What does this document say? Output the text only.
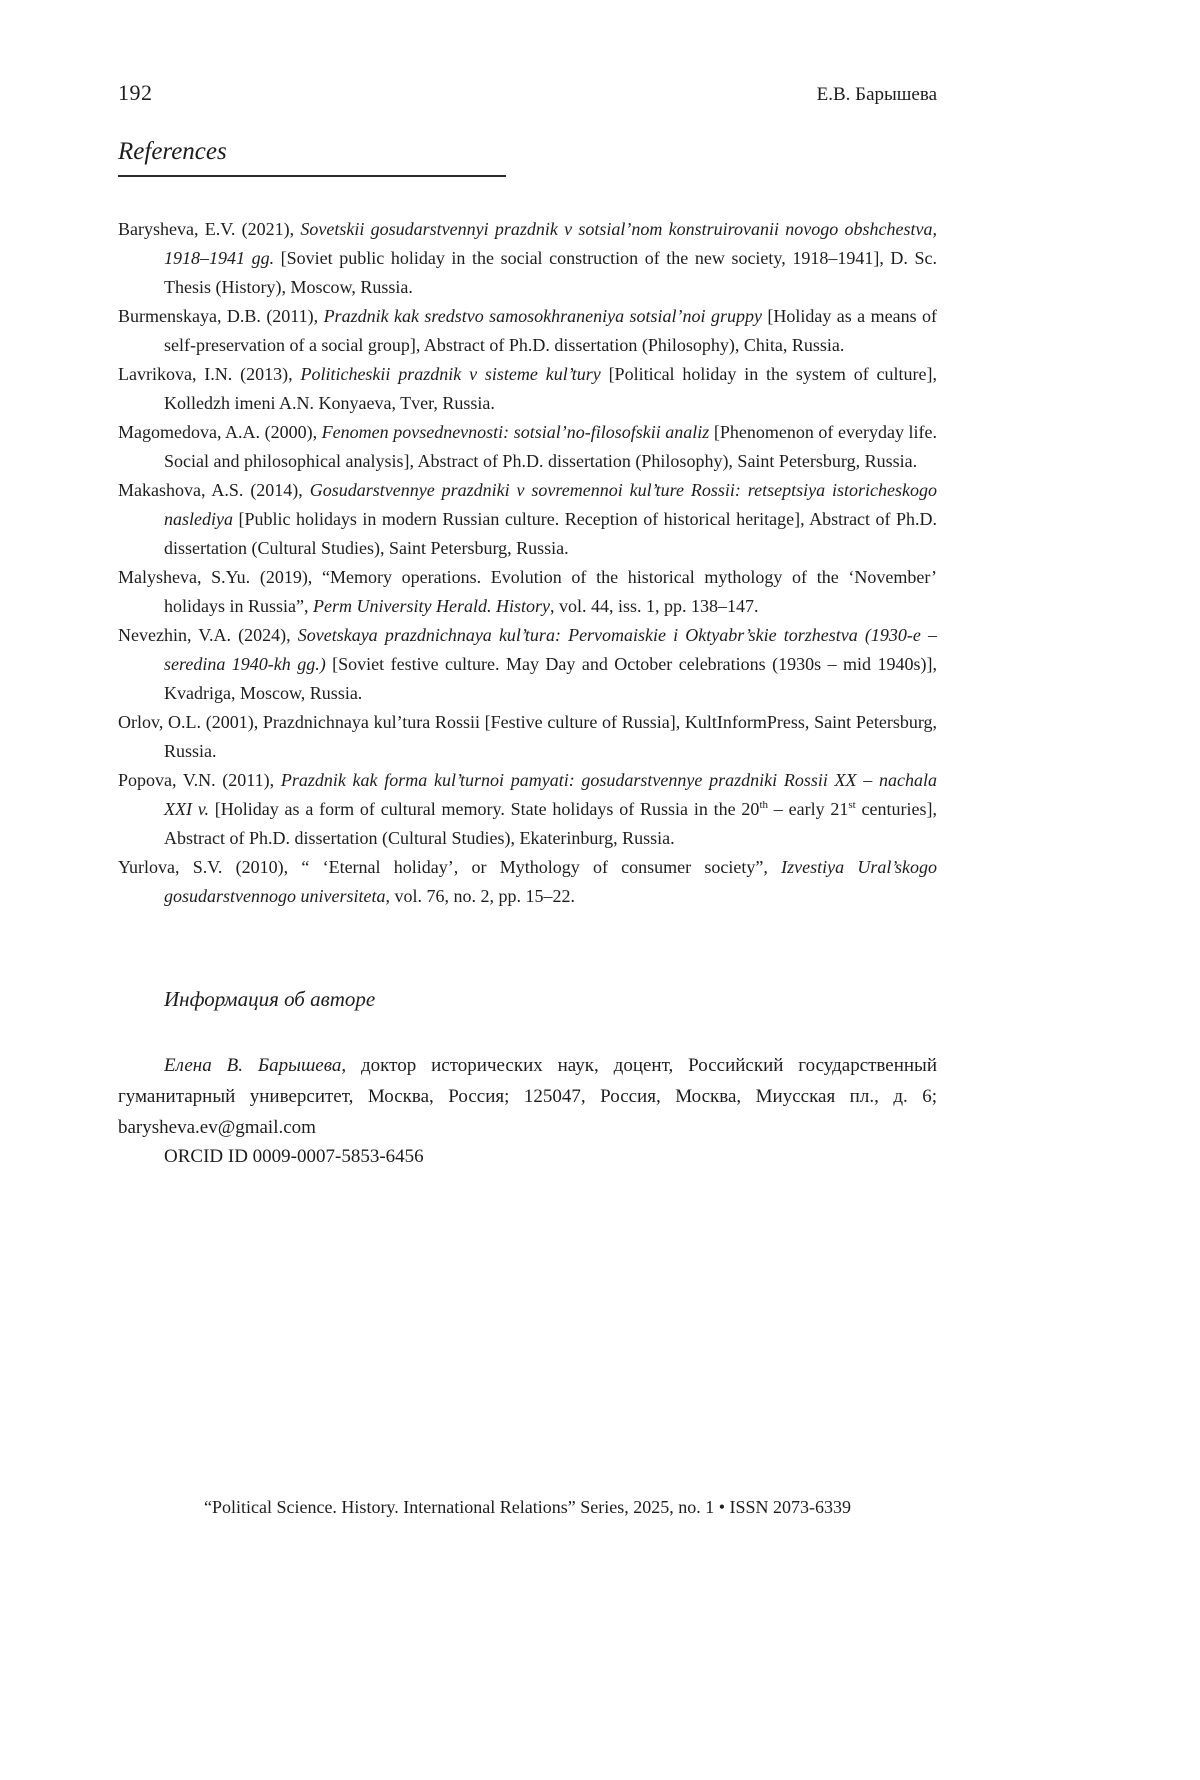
192	Е.В. Барышева
References

Barysheva, E.V. (2021), Sovetskii gosudarstvennyi prazdnik v sotsial’nom konstruirovanii novogo obshchestva, 1918–1941 gg. [Soviet public holiday in the social construction of the new society, 1918–1941], D. Sc. Thesis (History), Moscow, Russia.

Burmenskaya, D.B. (2011), Prazdnik kak sredstvo samosokhraneniya sotsial’noi gruppy [Holiday as a means of self-preservation of a social group], Abstract of Ph.D. dissertation (Philosophy), Chita, Russia.

Lavrikova, I.N. (2013), Politicheskii prazdnik v sisteme kul’tury [Political holiday in the system of culture], Kolledzh imeni A.N. Konyaeva, Tver, Russia.

Magomedova, A.A. (2000), Fenomen povsednevnosti: sotsial’no-filosofskii analiz [Phenomenon of everyday life. Social and philosophical analysis], Abstract of Ph.D. dissertation (Philosophy), Saint Petersburg, Russia.

Makashova, A.S. (2014), Gosudarstvennye prazdniki v sovremennoi kul’ture Rossii: retseptsiya istoricheskogo naslediya [Public holidays in modern Russian culture. Reception of historical heritage], Abstract of Ph.D. dissertation (Cultural Studies), Saint Petersburg, Russia.

Malysheva, S.Yu. (2019), “Memory operations. Evolution of the historical mythology of the ‘November’ holidays in Russia”, Perm University Herald. History, vol. 44, iss. 1, pp. 138–147.

Nevezhin, V.A. (2024), Sovetskaya prazdnichnaya kul’tura: Pervomaiskie i Oktyabr’skie torzhestva (1930-e – seredina 1940-kh gg.) [Soviet festive culture. May Day and October celebrations (1930s – mid 1940s)], Kvadriga, Moscow, Russia.

Orlov, O.L. (2001), Prazdnichnaya kul’tura Rossii [Festive culture of Russia], KultInformPress, Saint Petersburg, Russia.

Popova, V.N. (2011), Prazdnik kak forma kul’turnoi pamyati: gosudarstvennye prazdniki Rossii XX – nachala XXI v. [Holiday as a form of cultural memory. State holidays of Russia in the 20th – early 21st centuries], Abstract of Ph.D. dissertation (Cultural Studies), Ekaterinburg, Russia.

Yurlova, S.V. (2010), “ ‘Eternal holiday’, or Mythology of consumer society”, Izvestiya Ural’skogo gosudarstvennogo universiteta, vol. 76, no. 2, pp. 15–22.

Информация об авторе

Елена В. Барышева, доктор исторических наук, доцент, Российский государственный гуманитарный университет, Москва, Россия; 125047, Россия, Москва, Миусская пл., д. 6; barysheva.ev@gmail.com

ORCID ID 0009-0007-5853-6456

“Political Science. History. International Relations” Series, 2025, no. 1 • ISSN 2073-6339
